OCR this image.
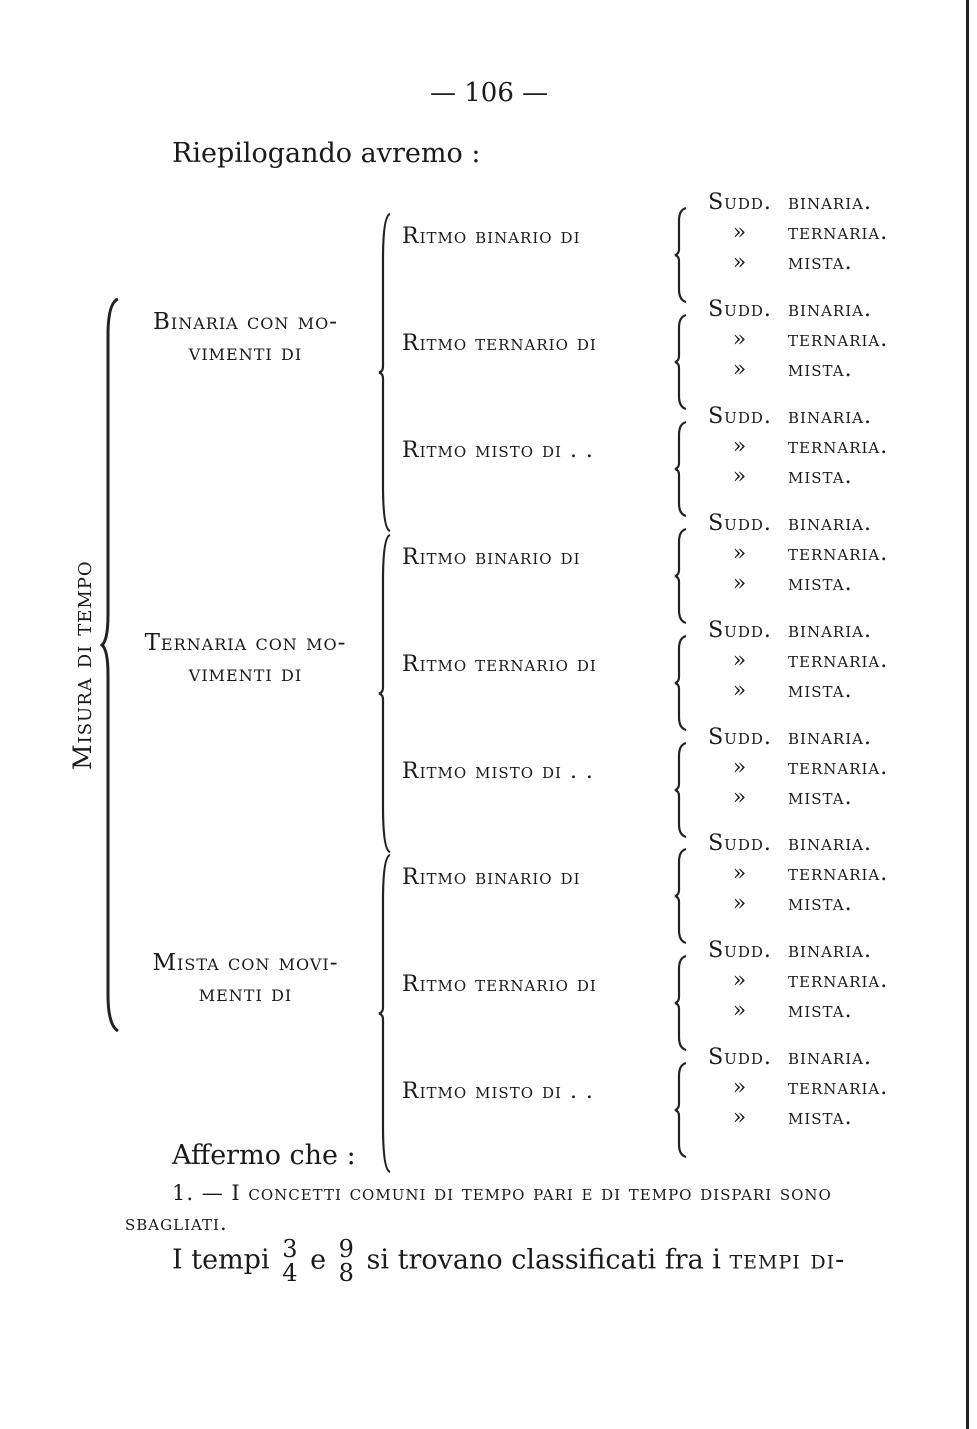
— 106 —
Riepilogando avremo :
Misura di tempo
Binaria con mo-
vimenti di
Ritmo binario di
Sudd. binaria.
» ternaria.
» mista.
Ritmo ternario di
Sudd. binaria.
» ternaria.
» mista.
Ritmo misto di . .
Sudd. binaria.
» ternaria.
» mista.
Ternaria con mo-
vimenti di
Ritmo binario di
Sudd. binaria.
» ternaria.
» mista.
Ritmo ternario di
Sudd. binaria.
» ternaria.
» mista.
Ritmo misto di . .
Sudd. binaria.
» ternaria.
» mista.
Mista con movi-
menti di
Ritmo binario di
Sudd. binaria.
» ternaria.
» mista.
Ritmo ternario di
Sudd. binaria.
» ternaria.
» mista.
Ritmo misto di . .
Sudd. binaria.
» ternaria.
» mista.
Affermo che :
1. — I concetti comuni di tempo pari e di tempo dispari sono sbagliati.
I tempi 3
4 e 9
8 si trovano classificati fra i tempi di-
